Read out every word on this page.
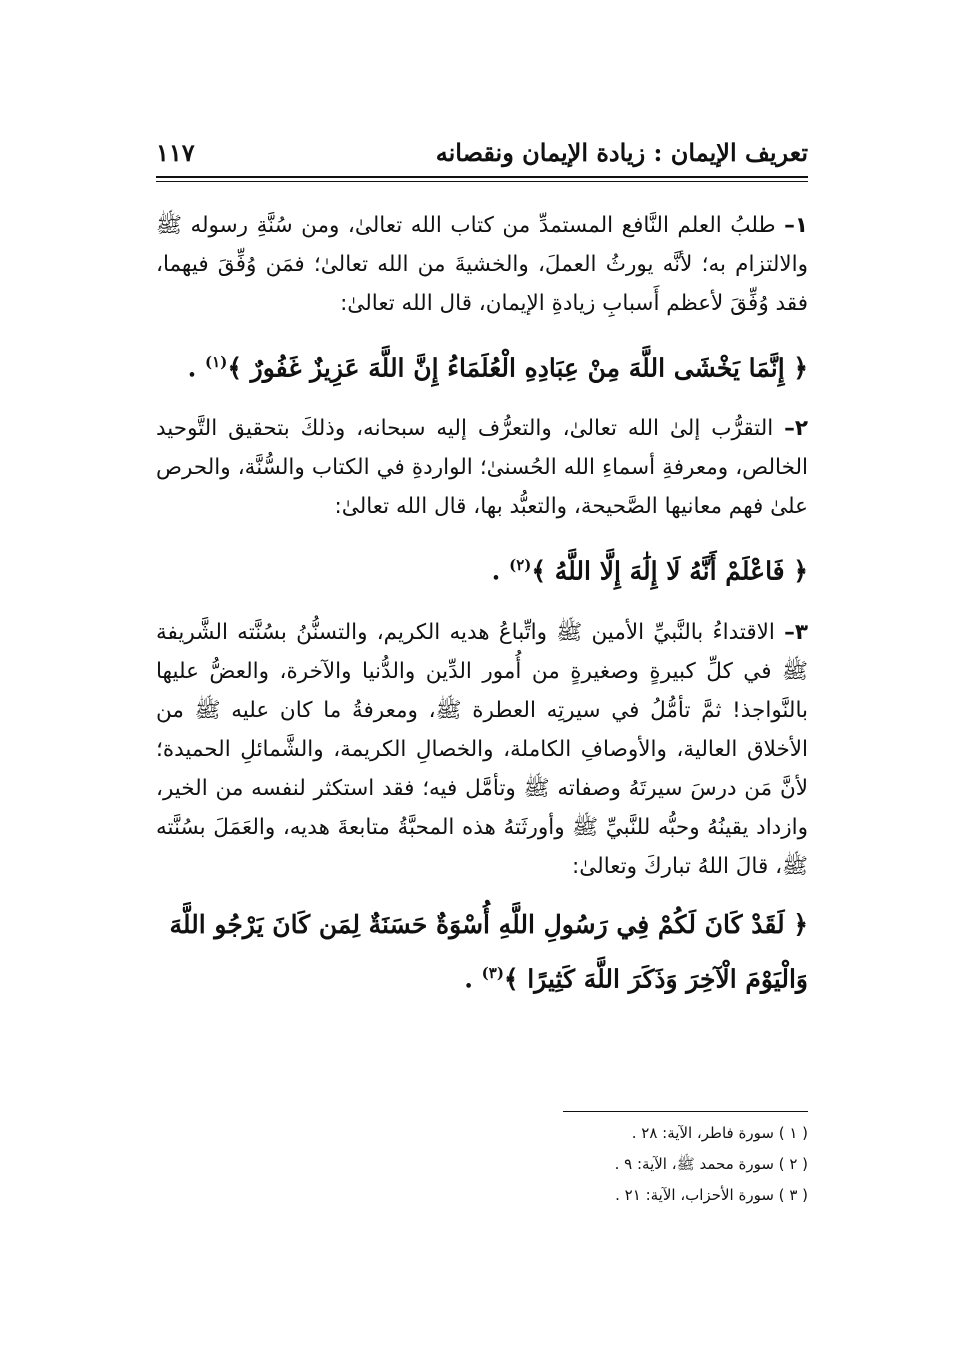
تعريف الإيمان : زيادة الإيمان ونقصانه
١١٧

١– طلبُ العلم النَّافع المستمدِّ من كتاب الله تعالىٰ، ومن سُنَّةِ رسوله ﷺ والالتزام به؛ لأنَّه يورثُ العملَ، والخشيةَ من الله تعالىٰ؛ فمَن وُفِّقَ فيهما، فقد وُفِّقَ لأعظم أَسبابِ زيادةِ الإيمان، قال الله تعالىٰ:

﴿ إِنَّمَا يَخْشَى اللَّهَ مِنْ عِبَادِهِ الْعُلَمَاءُ إِنَّ اللَّهَ عَزِيزٌ غَفُورٌ ﴾$^{(١)}$ .

٢– التقرُّب إلىٰ الله تعالىٰ، والتعرُّف إليه سبحانه، وذلكَ بتحقيق التَّوحيد الخالص، ومعرفةِ أسماءِ الله الحُسنىٰ؛ الواردةِ في الكتاب والسُّنَّة، والحرص علىٰ فهم معانيها الصَّحيحة، والتعبُّد بها، قال الله تعالىٰ:

﴿ فَاعْلَمْ أَنَّهُ لَا إِلَٰهَ إِلَّا اللَّهُ ﴾$^{(٢)}$ .

٣– الاقتداءُ بالنَّبيِّ الأمين ﷺ واتِّباعُ هديه الكريم، والتسنُّنُ بسُنَّته الشَّريفة ﷺ في كلِّ كبيرةٍ وصغيرةٍ من أُمور الدِّين والدُّنيا والآخرة، والعضُّ عليها بالنَّواجذ! ثمَّ تأمُّلُ في سيرتِه العطرة ﷺ، ومعرفةُ ما كان عليه ﷺ من الأخلاق العالية، والأوصافِ الكاملة، والخصالِ الكريمة، والشَّمائلِ الحميدة؛ لأنَّ مَن درسَ سيرتَهُ وصفاته ﷺ وتأمَّل فيه؛ فقد استكثر لنفسه من الخير، وازداد يقينُهُ وحبُّه للنَّبيِّ ﷺ وأورثَتهُ هذه المحبَّةُ متابعةَ هديه، والعَمَلَ بسُنَّته ﷺ، قالَ اللهُ تباركَ وتعالىٰ:

﴿ لَقَدْ كَانَ لَكُمْ فِي رَسُولِ اللَّهِ أُسْوَةٌ حَسَنَةٌ لِمَن كَانَ يَرْجُو اللَّهَ وَالْيَوْمَ الْآخِرَ وَذَكَرَ اللَّهَ كَثِيرًا ﴾$^{(٣)}$ .

( ١ ) سورة فاطر، الآية: ٢٨ .

( ٢ ) سورة محمد ﷺ، الآية: ٩ .

( ٣ ) سورة الأحزاب، الآية: ٢١ .
